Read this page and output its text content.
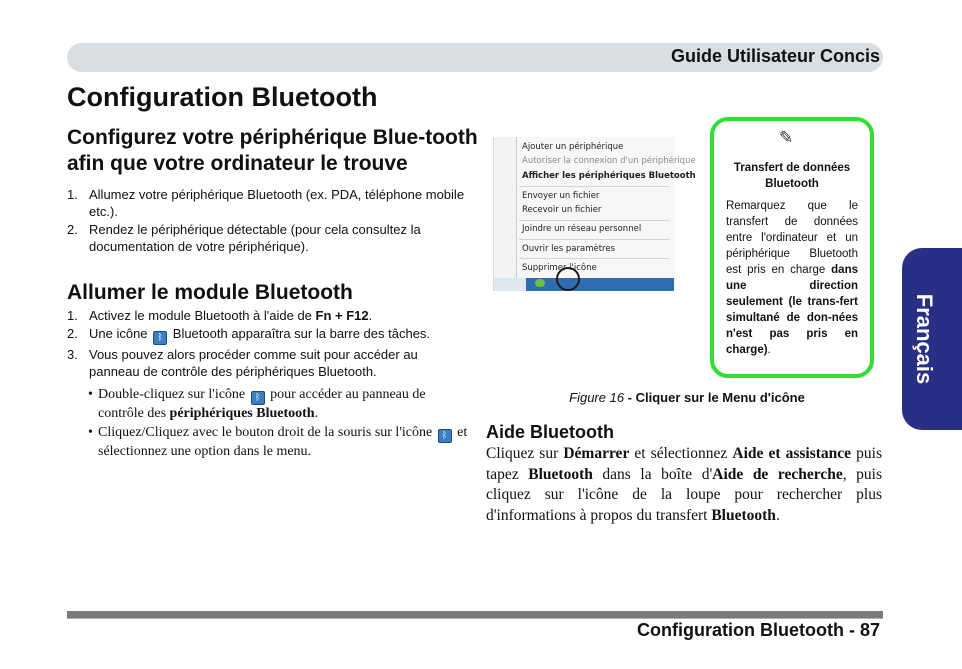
Guide Utilisateur Concis
Configuration Bluetooth
Configurez votre périphérique Blue-tooth afin que votre ordinateur le trouve
1. Allumez votre périphérique Bluetooth (ex. PDA, téléphone mobile etc.).
2. Rendez le périphérique détectable (pour cela consultez la documentation de votre périphérique).
Allumer le module Bluetooth
1. Activez le module Bluetooth à l'aide de Fn + F12.
2. Une icône ᛒ Bluetooth apparaîtra sur la barre des tâches.
3. Vous pouvez alors procéder comme suit pour accéder au panneau de contrôle des périphériques Bluetooth.
• Double-cliquez sur l'icône ᛒ pour accéder au panneau de contrôle des périphériques Bluetooth.
• Cliquez/Cliquez avec le bouton droit de la souris sur l'icône ᛒ et sélectionnez une option dans le menu.
Ajouter un périphérique
Autoriser la connexion d'un périphérique
Afficher les périphériques Bluetooth
Envoyer un fichier
Recevoir un fichier
Joindre un réseau personnel
Ouvrir les paramètres
Supprimer l'icône
✎

Transfert de données Bluetooth

Remarquez que le transfert de données entre l'ordinateur et un périphérique Bluetooth est pris en charge dans une direction seulement (le trans-fert simultané de don-nées n'est pas pris en charge).

Figure 16 - Cliquer sur le Menu d'icône
Aide Bluetooth

Cliquez sur Démarrer et sélectionnez Aide et assistance puis tapez Bluetooth dans la boîte d'Aide de recherche, puis cliquez sur l'icône de la loupe pour rechercher plus d'informations à propos du transfert Bluetooth.

Français
Configuration Bluetooth - 87
